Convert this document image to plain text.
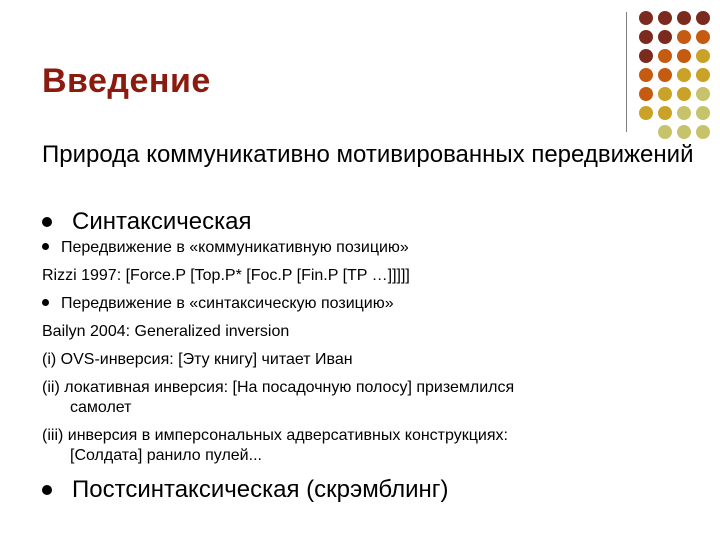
Введение

Природа коммуникативно мотивированных передвижений

Синтаксическая
Передвижение в «коммуникативную позицию»
Rizzi 1997: [Force.P [Top.P* [Foc.P [Fin.P [TP …]]]]]
Передвижение в «синтаксическую позицию»
Bailyn 2004: Generalized inversion
(i) OVS-инверсия: [Эту книгу] читает Иван
(ii) локативная инверсия: [На посадочную полосу] приземлился
самолет
(iii) инверсия в имперсональных адверсативных конструкциях:
[Солдата] ранило пулей...
Постсинтаксическая (скрэмблинг)
